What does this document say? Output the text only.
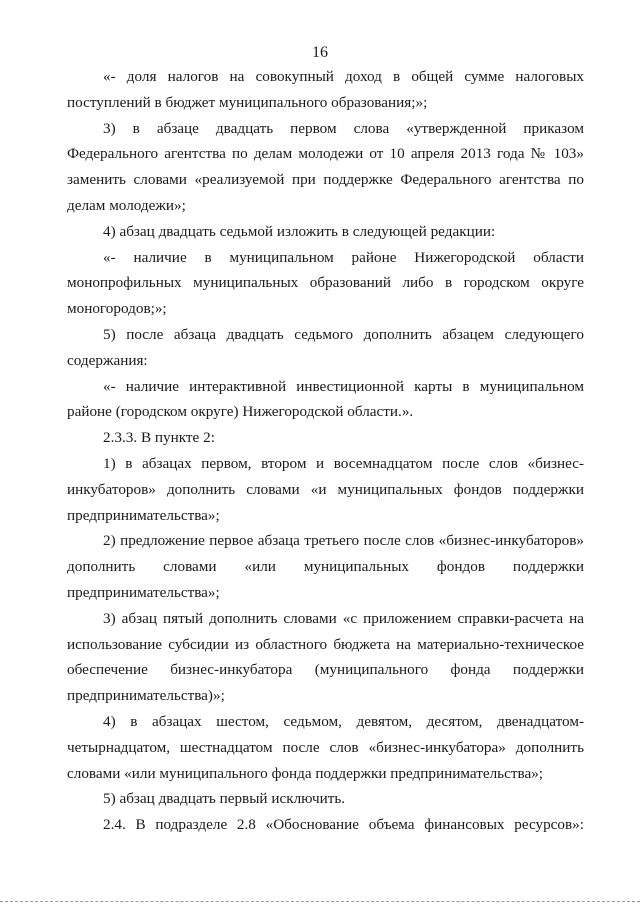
16

«- доля налогов на совокупный доход в общей сумме налоговых поступлений в бюджет муниципального образования;»;

3) в абзаце двадцать первом слова «утвержденной приказом Федерального агентства по делам молодежи от 10 апреля 2013 года № 103» заменить словами «реализуемой при поддержке Федерального агентства по делам молодежи»;

4) абзац двадцать седьмой изложить в следующей редакции:

«- наличие в муниципальном районе Нижегородской области монопрофильных муниципальных образований либо в городском округе моногородов;»;

5) после абзаца двадцать седьмого дополнить абзацем следующего содержания:

«- наличие интерактивной инвестиционной карты в муниципальном районе (городском округе) Нижегородской области.».

2.3.3. В пункте 2:

1) в абзацах первом, втором и восемнадцатом после слов «бизнес-инкубаторов» дополнить словами «и муниципальных фондов поддержки предпринимательства»;

2) предложение первое абзаца третьего после слов «бизнес-инкубаторов» дополнить словами «или муниципальных фондов поддержки предпринимательства»;

3) абзац пятый дополнить словами «с приложением справки-расчета на использование субсидии из областного бюджета на материально-техническое обеспечение бизнес-инкубатора (муниципального фонда поддержки предпринимательства)»;

4) в абзацах шестом, седьмом, девятом, десятом, двенадцатом-четырнадцатом, шестнадцатом после слов «бизнес-инкубатора» дополнить словами «или муниципального фонда поддержки предпринимательства»;

5) абзац двадцать первый исключить.

2.4. В подразделе 2.8 «Обоснование объема финансовых ресурсов»:
